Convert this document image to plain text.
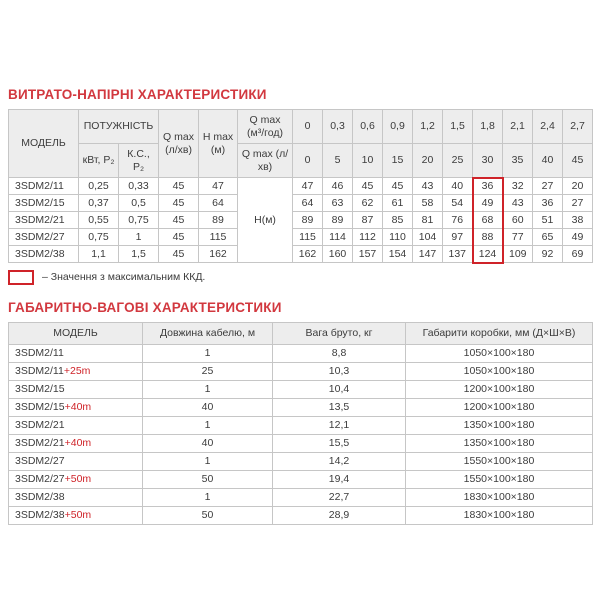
ВИТРАТО-НАПІРНІ ХАРАКТЕРИСТИКИ
МОДЕЛЬ	ПОТУЖНІСТЬ		Q max (л/хв)	H max (м)	Q max (м³/год)	0	0,3	0,6	0,9	1,2	1,5	1,8	2,1	2,4	2,7
	кВт, P₂	К.С., P₂			Q max (л/хв)	0	5	10	15	20	25	30	35	40	45
3SDM2/11	0,25	0,33	45	47	Н(м)	47	46	45	45	43	40	36	32	27	20
3SDM2/15	0,37	0,5	45	64		64	63	62	61	58	54	49	43	36	27
3SDM2/21	0,55	0,75	45	89		89	89	87	85	81	76	68	60	51	38
3SDM2/27	0,75	1	45	115		115	114	112	110	104	97	88	77	65	49
3SDM2/38	1,1	1,5	45	162		162	160	157	154	147	137	124	109	92	69
– Значення з максимальним ККД.
ГАБАРИТНО-ВАГОВІ ХАРАКТЕРИСТИКИ
МОДЕЛЬ	Довжина кабелю, м	Вага бруто, кг	Габарити коробки, мм (Д×Ш×В)
3SDM2/11	1	8,8	1050×100×180
3SDM2/11+25m	25	10,3	1050×100×180
3SDM2/15	1	10,4	1200×100×180
3SDM2/15+40m	40	13,5	1200×100×180
3SDM2/21	1	12,1	1350×100×180
3SDM2/21+40m	40	15,5	1350×100×180
3SDM2/27	1	14,2	1550×100×180
3SDM2/27+50m	50	19,4	1550×100×180
3SDM2/38	1	22,7	1830×100×180
3SDM2/38+50m	50	28,9	1830×100×180
